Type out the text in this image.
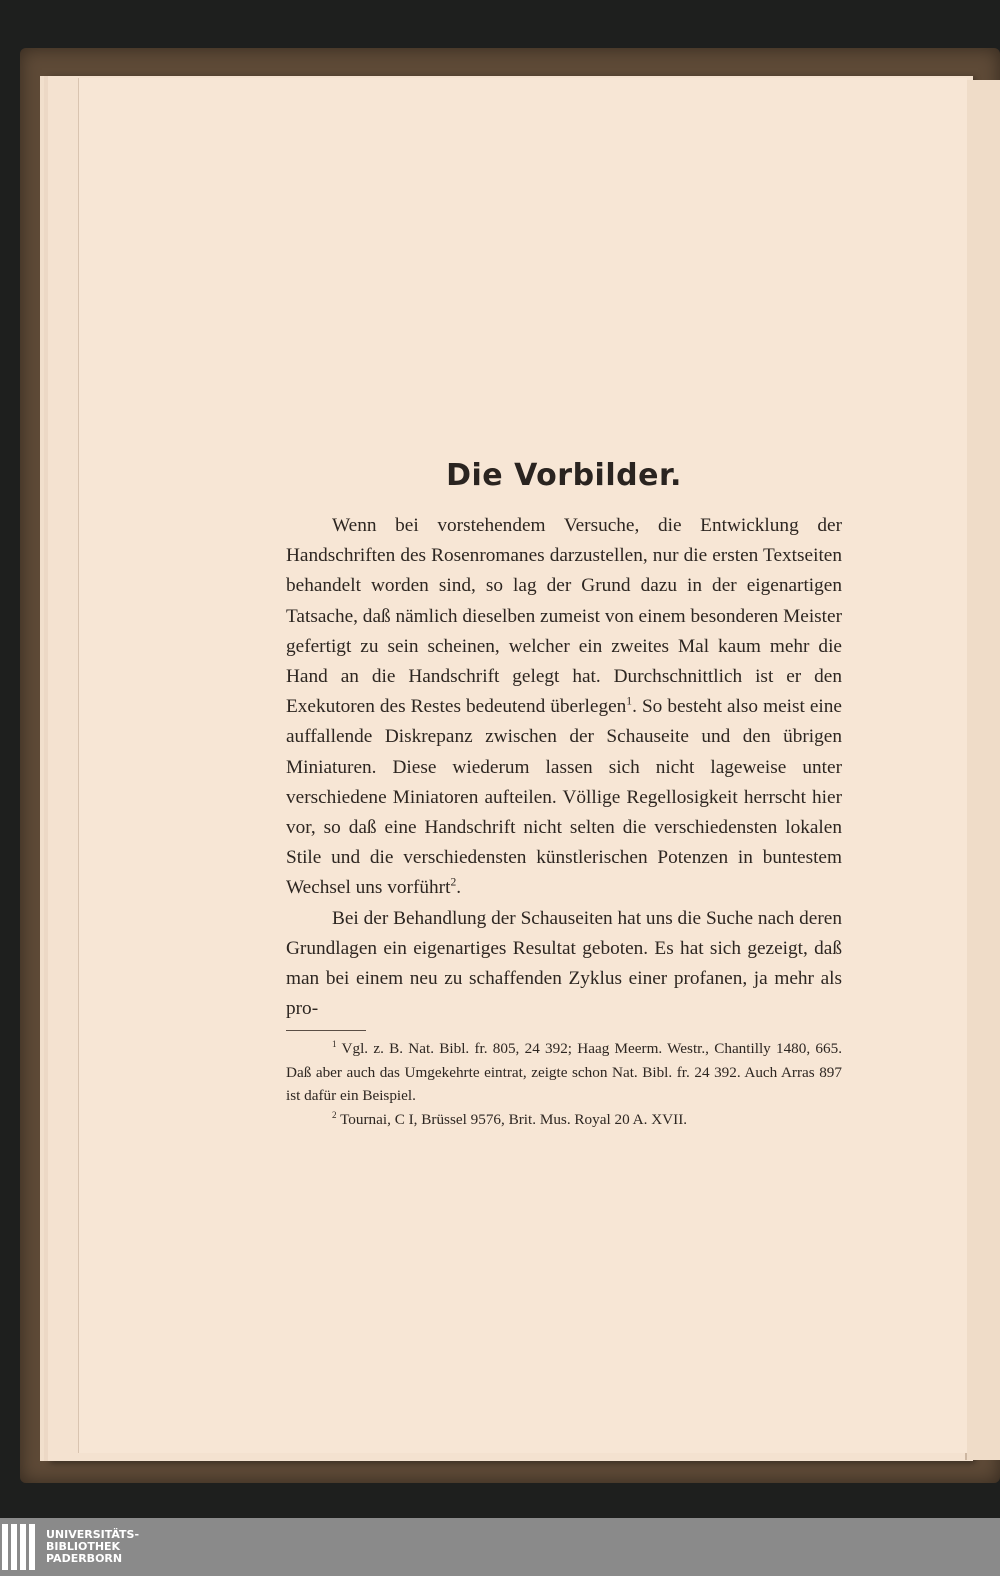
Die Vorbilder.

Wenn bei vorstehendem Versuche, die Entwicklung der Handschriften des Rosenromanes darzustellen, nur die ersten Textseiten behandelt worden sind, so lag der Grund dazu in der eigenartigen Tatsache, daß nämlich dieselben zumeist von einem besonderen Meister gefertigt zu sein scheinen, welcher ein zweites Mal kaum mehr die Hand an die Handschrift gelegt hat. Durchschnittlich ist er den Exekutoren des Restes bedeutend überlegen$^1$. So besteht also meist eine auffallende Diskrepanz zwischen der Schauseite und den übrigen Miniaturen. Diese wiederum lassen sich nicht lageweise unter verschiedene Miniatoren aufteilen. Völlige Regellosigkeit herrscht hier vor, so daß eine Handschrift nicht selten die verschiedensten lokalen Stile und die verschiedensten künstlerischen Potenzen in buntestem Wechsel uns vorführt$^2$.

Bei der Behandlung der Schauseiten hat uns die Suche nach deren Grundlagen ein eigenartiges Resultat geboten. Es hat sich gezeigt, daß man bei einem neu zu schaffenden Zyklus einer profanen, ja mehr als pro-

$^1$ Vgl. z. B. Nat. Bibl. fr. 805, 24 392; Haag Meerm. Westr., Chantilly 1480, 665. Daß aber auch das Umgekehrte eintrat, zeigte schon Nat. Bibl. fr. 24 392. Auch Arras 897 ist dafür ein Beispiel.

$^2$ Tournai, C I, Brüssel 9576, Brit. Mus. Royal 20 A. XVII.

UNIVERSITÄTS-
BIBLIOTHEK
PADERBORN
